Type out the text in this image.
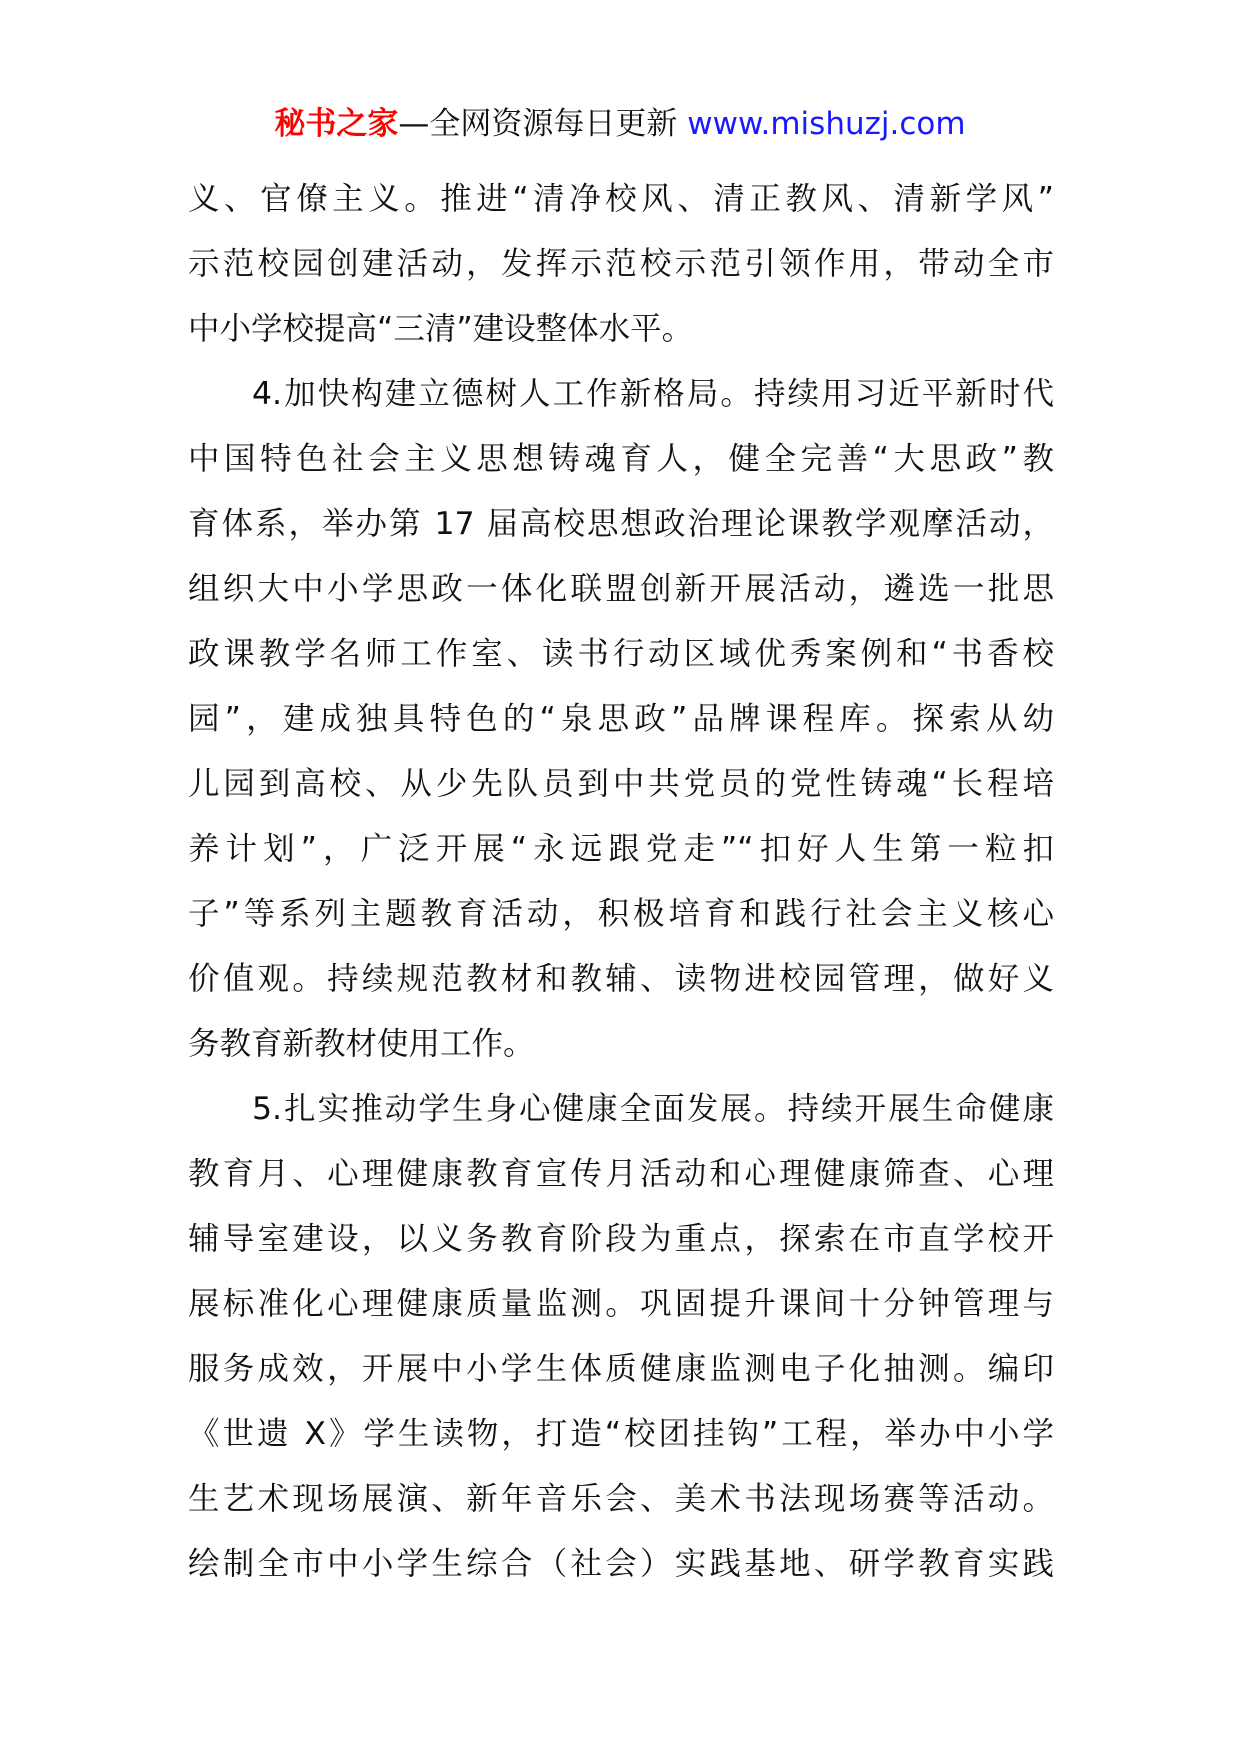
秘书之家—全网资源每日更新 www.mishuzj.com
义、官僚主义。推进“清净校风、清正教风、清新学风”
示范校园创建活动，发挥示范校示范引领作用，带动全市
中小学校提高“三清”建设整体水平。
4.加快构建立德树人工作新格局。持续用习近平新时代
中国特色社会主义思想铸魂育人，健全完善“大思政”教
育体系，举办第 17 届高校思想政治理论课教学观摩活动，
组织大中小学思政一体化联盟创新开展活动，遴选一批思
政课教学名师工作室、读书行动区域优秀案例和“书香校
园”，建成独具特色的“泉思政”品牌课程库。探索从幼
儿园到高校、从少先队员到中共党员的党性铸魂“长程培
养计划”，广泛开展“永远跟党走”“扣好人生第一粒扣
子”等系列主题教育活动，积极培育和践行社会主义核心
价值观。持续规范教材和教辅、读物进校园管理，做好义
务教育新教材使用工作。
5.扎实推动学生身心健康全面发展。持续开展生命健康
教育月、心理健康教育宣传月活动和心理健康筛查、心理
辅导室建设，以义务教育阶段为重点，探索在市直学校开
展标准化心理健康质量监测。巩固提升课间十分钟管理与
服务成效，开展中小学生体质健康监测电子化抽测。编印
《世遗 X》学生读物，打造“校团挂钩”工程，举办中小学
生艺术现场展演、新年音乐会、美术书法现场赛等活动。
绘制全市中小学生综合（社会）实践基地、研学教育实践
